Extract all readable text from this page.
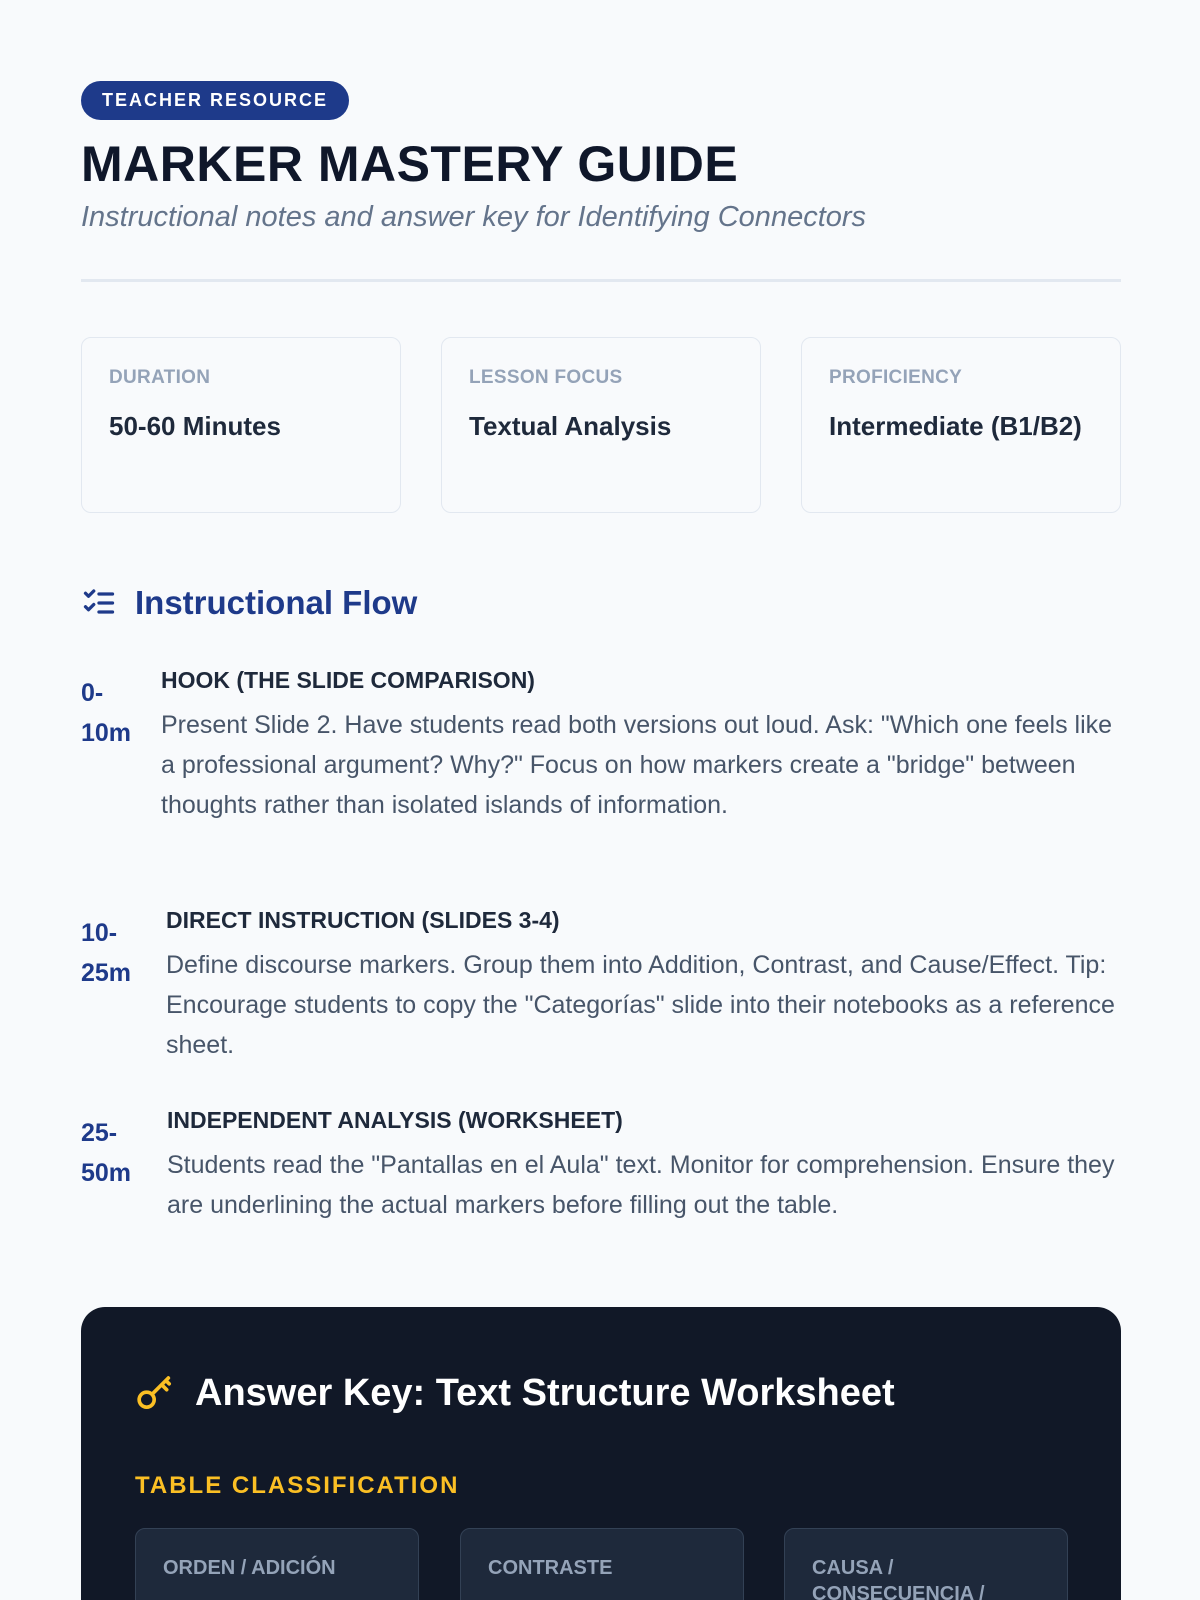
TEACHER RESOURCE
MARKER MASTERY GUIDE

Instructional notes and answer key for Identifying Connectors

DURATION
50-60 Minutes
LESSON FOCUS
Textual Analysis
PROFICIENCY
Intermediate (B1/B2)
Instructional Flow
0-
10m
HOOK (THE SLIDE COMPARISON)
Present Slide 2. Have students read both versions out loud. Ask: "Which one feels like a professional argument? Why?" Focus on how markers create a "bridge" between thoughts rather than isolated islands of information.
10-
25m
DIRECT INSTRUCTION (SLIDES 3-4)
Define discourse markers. Group them into Addition, Contrast, and Cause/Effect. Tip: Encourage students to copy the "Categorías" slide into their notebooks as a reference sheet.
25-
50m
INDEPENDENT ANALYSIS (WORKSHEET)
Students read the "Pantallas en el Aula" text. Monitor for comprehension. Ensure they are underlining the actual markers before filling out the table.
Answer Key: Text Structure Worksheet
TABLE CLASSIFICATION
ORDEN / ADICIÓN	CONTRASTE	CAUSA / CONSECUENCIA /
